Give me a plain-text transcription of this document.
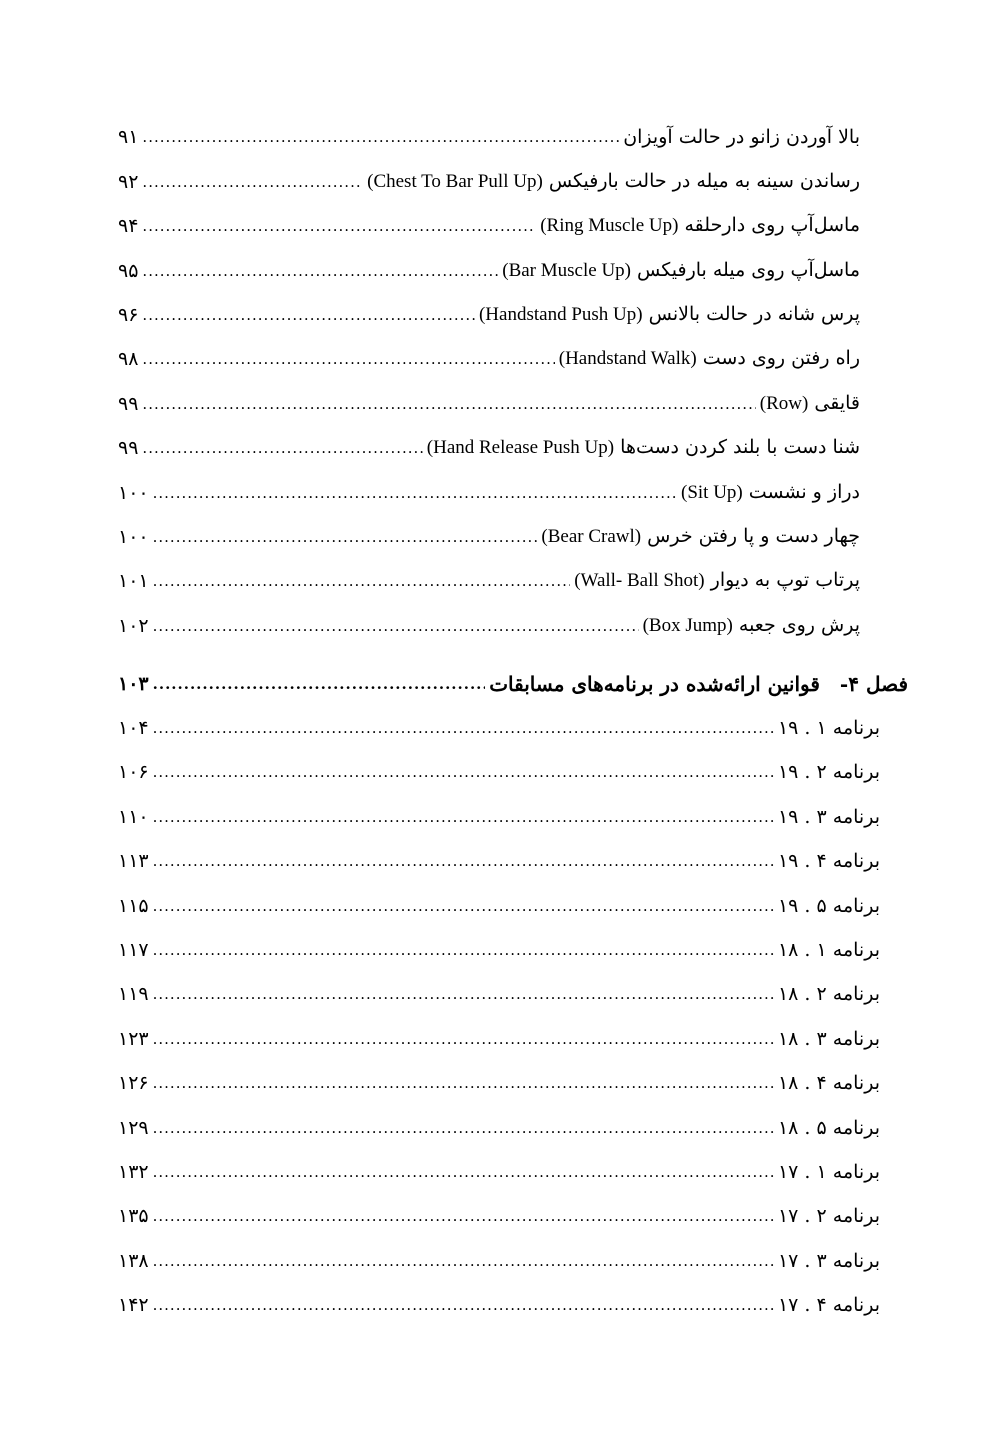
بالا آوردن زانو در حالت آویزان
.....
۹۱
رساندن سینه به میله در حالت بارفیکس (Chest To Bar Pull Up)
.....
۹۲
ماسل‌آپ روی دارحلقه (Ring Muscle Up)
.....
۹۴
ماسل‌آپ روی میله بارفیکس (Bar Muscle Up)
.....
۹۵
پرس شانه در حالت بالانس (Handstand Push Up)
.....
۹۶
راه رفتن روی دست (Handstand Walk)
.....
۹۸
قایقی (Row)
.....
۹۹
شنا دست با بلند کردن دست‌ها (Hand Release Push Up)
.....
۹۹
دراز و نشست (Sit Up)
.....
۱۰۰
چهار دست و پا رفتن خرس (Bear Crawl)
.....
۱۰۰
پرتاب توپ به دیوار (Wall- Ball Shot)
.....
۱۰۱
پرش روی جعبه (Box Jump)
.....
۱۰۲
فصل ۴-قوانین ارائه‌شده در برنامه‌های مسابقات
.....
۱۰۳
برنامه ۱ . ۱۹
.....
۱۰۴
برنامه ۲ . ۱۹
.....
۱۰۶
برنامه ۳ . ۱۹
.....
۱۱۰
برنامه ۴ . ۱۹
.....
۱۱۳
برنامه ۵ . ۱۹
.....
۱۱۵
برنامه ۱ . ۱۸
.....
۱۱۷
برنامه ۲ . ۱۸
.....
۱۱۹
برنامه ۳ . ۱۸
.....
۱۲۳
برنامه ۴ . ۱۸
.....
۱۲۶
برنامه ۵ . ۱۸
.....
۱۲۹
برنامه ۱ . ۱۷
.....
۱۳۲
برنامه ۲ . ۱۷
.....
۱۳۵
برنامه ۳ . ۱۷
.....
۱۳۸
برنامه ۴ . ۱۷
.....
۱۴۲
